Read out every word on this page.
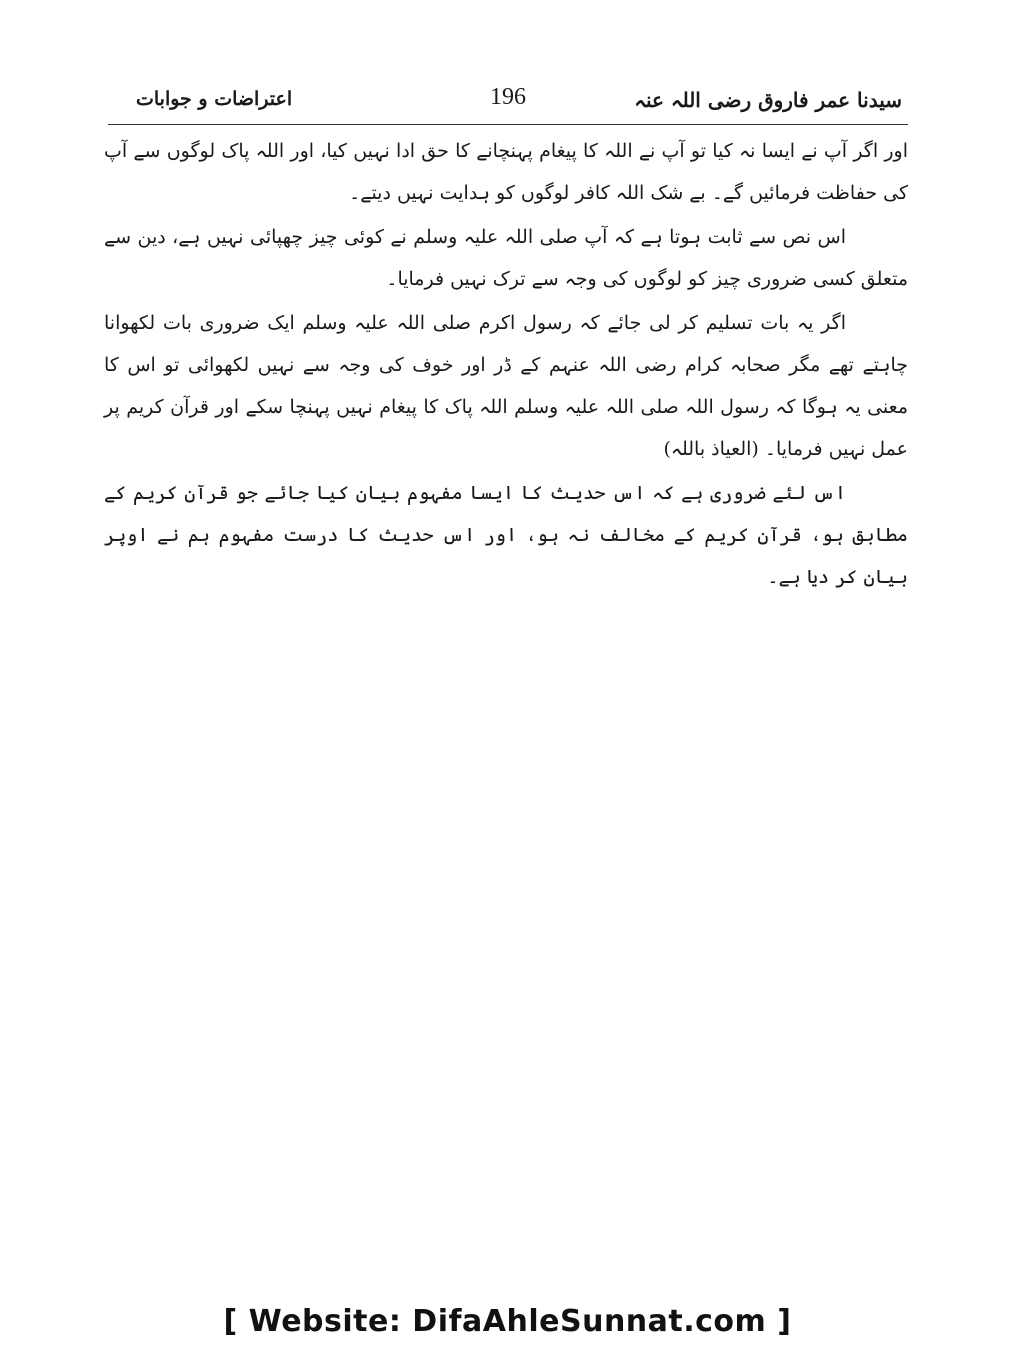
سیدنا عمر فاروق رضی اللہ عنہ
196
اعتراضات و جوابات

اور اگر آپ نے ایسا نہ کیا تو آپ نے اللہ کا پیغام پہنچانے کا حق ادا نہیں کیا، اور اللہ پاک لوگوں سے آپ کی حفاظت فرمائیں گے۔ بے شک اللہ کافر لوگوں کو ہدایت نہیں دیتے۔

اس نص سے ثابت ہوتا ہے کہ آپ صلی اللہ علیہ وسلم نے کوئی چیز چھپائی نہیں ہے، دین سے متعلق کسی ضروری چیز کو لوگوں کی وجہ سے ترک نہیں فرمایا۔

اگر یہ بات تسلیم کر لی جائے کہ رسول اکرم صلی اللہ علیہ وسلم ایک ضروری بات لکھوانا چاہتے تھے مگر صحابہ کرام رضی اللہ عنہم کے ڈر اور خوف کی وجہ سے نہیں لکھوائی تو اس کا معنی یہ ہوگا کہ رسول اللہ صلی اللہ علیہ وسلم اللہ پاک کا پیغام نہیں پہنچا سکے اور قرآن کریم پر عمل نہیں فرمایا۔ (العیاذ باللہ)

اس لئے ضروری ہے کہ اس حدیث کا ایسا مفہوم بیان کیا جائے جو قرآن کریم کے مطابق ہو، قرآن کریم کے مخالف نہ ہو، اور اس حدیث کا درست مفہوم ہم نے اوپر بیان کر دیا ہے۔

[ Website: DifaAhleSunnat.com ]
